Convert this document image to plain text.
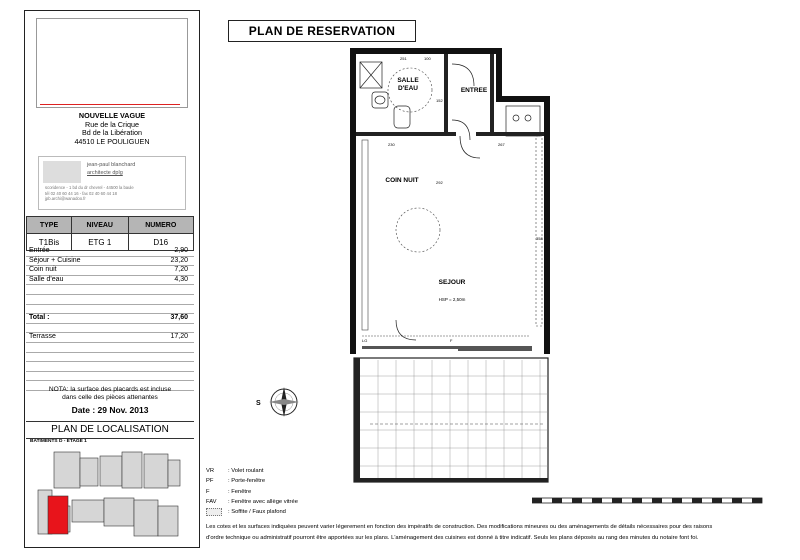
NOUVELLE VAGUE
Rue de la Crique
Bd de la Libération
44510 LE POULIGUEN
jean-paul blanchard
architecte dplg
scoridence - 1 bd du dr chevrel - 44500 la baule
tél 02 40 60 44 16 - fax 02 40 60 44 18
jpb.archi@wanadoo.fr
TYPE	NIVEAU	NUMERO
T1Bis	ETG 1	D16
Entrée	2,90
Séjour + Cuisine	23,20
Coin nuit	7,20
Salle d'eau	4,30
Total :	37,60
Terrasse	17,20
NOTA: la surface des placards est incluse
dans celle des pièces attenantes
Date : 29 Nov. 2013
PLAN DE LOCALISATION
BATIMENTS D - ETAGE 1
PLAN DE RESERVATION
SALLE
D'EAU	ENTREE
COIN NUIT
SEJOUR
HSP = 2,50m
251
230	267
292
358
152
100
LG	F
S
VR : Volet roulant
PF	: Porte-fenêtre
F	: Fenêtre
FAV : Fenêtre avec allège vitrée
: Soffite / Faux plafond
Les cotes et les surfaces indiquées peuvent varier légerement en fonction des impératifs de construction. Des modifications mineures ou des aménagements de détails nécessaires pour des raisons
d'ordre technique ou administratif pourront être apportées sur les plans. L'aménagement des cuisines est donné à titre indicatif. Seuls les plans déposés au rang des minutes du notaire font foi.
